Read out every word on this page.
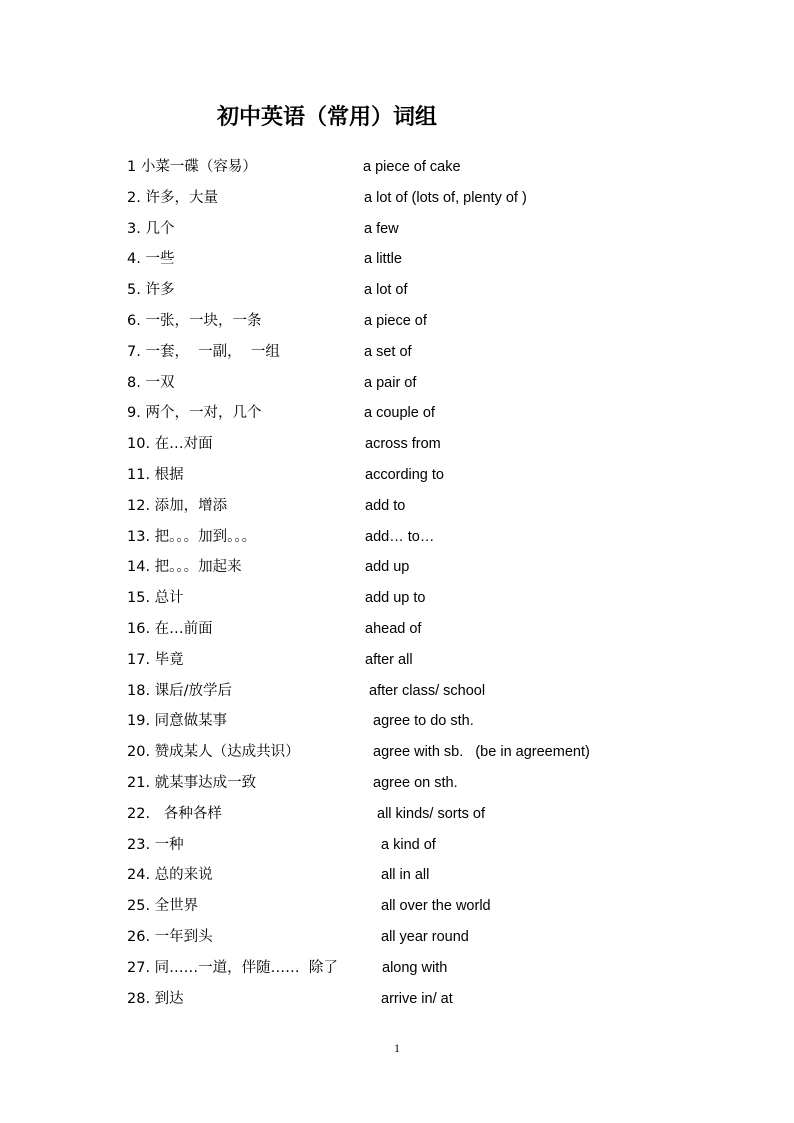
初中英语（常用）词组
1 小菜一碟（容易）	a piece of cake
2. 许多，大量	a lot of (lots of, plenty of )
3. 几个	a few
4. 一些	a little
5. 许多	a lot of
6. 一张，一块，一条	a piece of
7. 一套，  一副，  一组	a set of
8. 一双	a pair of
9. 两个，一对，几个	a couple of
10. 在…对面	across from
11. 根据	according to
12. 添加，增添	add to
13. 把。。。加到。。。	add… to…
14. 把。。。加起来	add up
15. 总计	add up to
16. 在…前面	ahead of
17. 毕竟	after all
18. 课后/放学后	after class/ school
19. 同意做某事	agree to do sth.
20. 赞成某人（达成共识）	agree with sb.   (be in agreement)
21. 就某事达成一致	agree on sth.
22.   各种各样	all kinds/ sorts of
23. 一种	a kind of
24. 总的来说	all in all
25. 全世界	all over the world
26. 一年到头	all year round
27. 同……一道，伴随……  除了	along with
28. 到达	arrive in/ at
1
